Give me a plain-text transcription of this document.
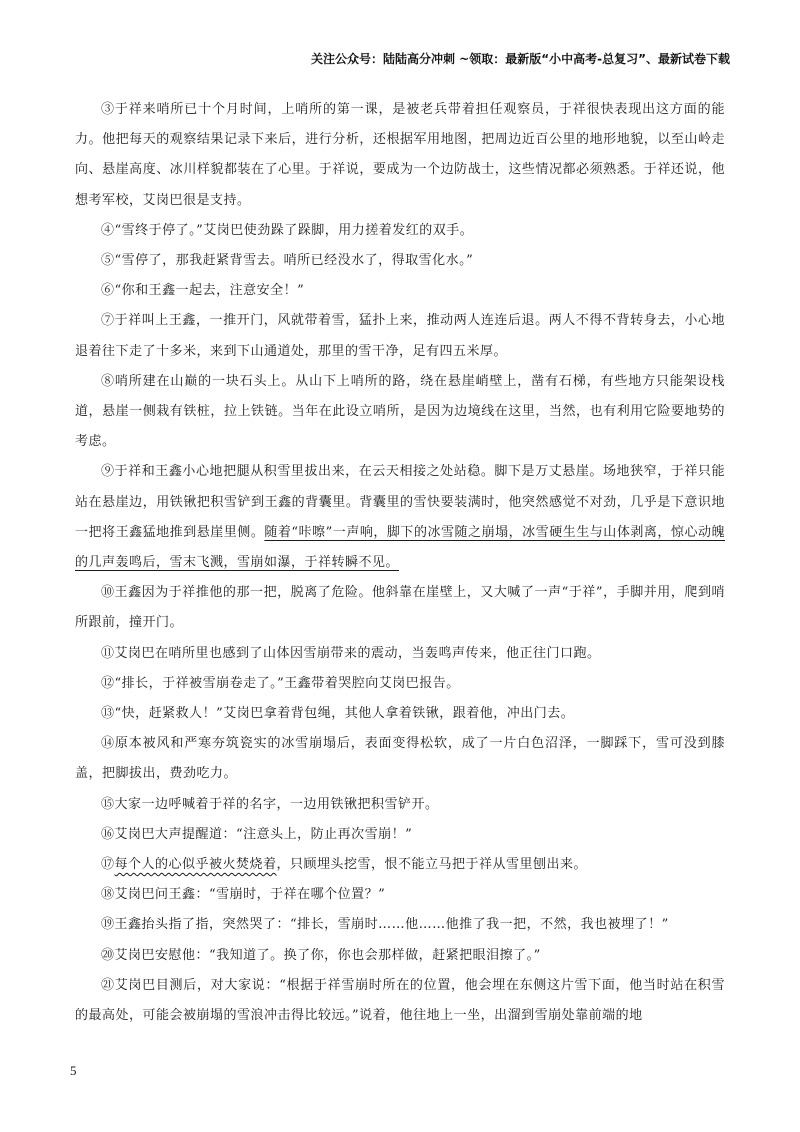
关注公众号：陆陆高分冲刺 ~领取：最新版“小中高考-总复习”、最新试卷下载

③于祥来哨所已十个月时间，上哨所的第一课，是被老兵带着担任观察员，于祥很快表现出这方面的能力。他把每天的观察结果记录下来后，进行分析，还根据军用地图，把周边近百公里的地形地貌，以至山岭走向、悬崖高度、冰川样貌都装在了心里。于祥说，要成为一个边防战士，这些情况都必须熟悉。于祥还说，他想考军校，艾岗巴很是支持。

④“雪终于停了。”艾岗巴使劲跺了跺脚，用力搓着发红的双手。

⑤“雪停了，那我赶紧背雪去。哨所已经没水了，得取雪化水。”

⑥“你和王鑫一起去，注意安全！”

⑦于祥叫上王鑫，一推开门，风就带着雪，猛扑上来，推动两人连连后退。两人不得不背转身去，小心地退着往下走了十多米，来到下山通道处，那里的雪干净，足有四五米厚。

⑧哨所建在山巅的一块石头上。从山下上哨所的路，绕在悬崖峭壁上，凿有石梯，有些地方只能架设栈道，悬崖一侧栽有铁桩，拉上铁链。当年在此设立哨所，是因为边境线在这里，当然，也有利用它险要地势的考虑。

⑨于祥和王鑫小心地把腿从积雪里拔出来，在云天相接之处站稳。脚下是万丈悬崖。场地狭窄，于祥只能站在悬崖边，用铁锹把积雪铲到王鑫的背囊里。背囊里的雪快要装满时，他突然感觉不对劲，几乎是下意识地一把将王鑫猛地推到悬崖里侧。随着“咔嚓”一声响，脚下的冰雪随之崩塌，冰雪硬生生与山体剥离，惊心动魄的几声轰鸣后，雪末飞溅，雪崩如瀑，于祥转瞬不见。

⑩王鑫因为于祥推他的那一把，脱离了危险。他斜靠在崖壁上，又大喊了一声“于祥”，手脚并用，爬到哨所跟前，撞开门。

⑪艾岗巴在哨所里也感到了山体因雪崩带来的震动，当轰鸣声传来，他正往门口跑。

⑫“排长，于祥被雪崩卷走了。”王鑫带着哭腔向艾岗巴报告。

⑬“快，赶紧救人！”艾岗巴拿着背包绳，其他人拿着铁锹，跟着他，冲出门去。

⑭原本被风和严寒夯筑瓷实的冰雪崩塌后，表面变得松软，成了一片白色沼泽，一脚踩下，雪可没到膝盖，把脚拔出，费劲吃力。

⑮大家一边呼喊着于祥的名字，一边用铁锹把积雪铲开。

⑯艾岗巴大声提醒道：“注意头上，防止再次雪崩！”

⑰每个人的心似乎被火焚烧着，只顾埋头挖雪，恨不能立马把于祥从雪里刨出来。

⑱艾岗巴问王鑫：“雪崩时，于祥在哪个位置？”

⑲王鑫抬头指了指，突然哭了：“排长，雪崩时……他……他推了我一把，不然，我也被埋了！”

⑳艾岗巴安慰他：“我知道了。换了你，你也会那样做，赶紧把眼泪擦了。”

㉑艾岗巴目测后，对大家说：“根据于祥雪崩时所在的位置，他会埋在东侧这片雪下面，他当时站在积雪的最高处，可能会被崩塌的雪浪冲击得比较远。”说着，他往地上一坐，出溜到雪崩处靠前端的地

5
